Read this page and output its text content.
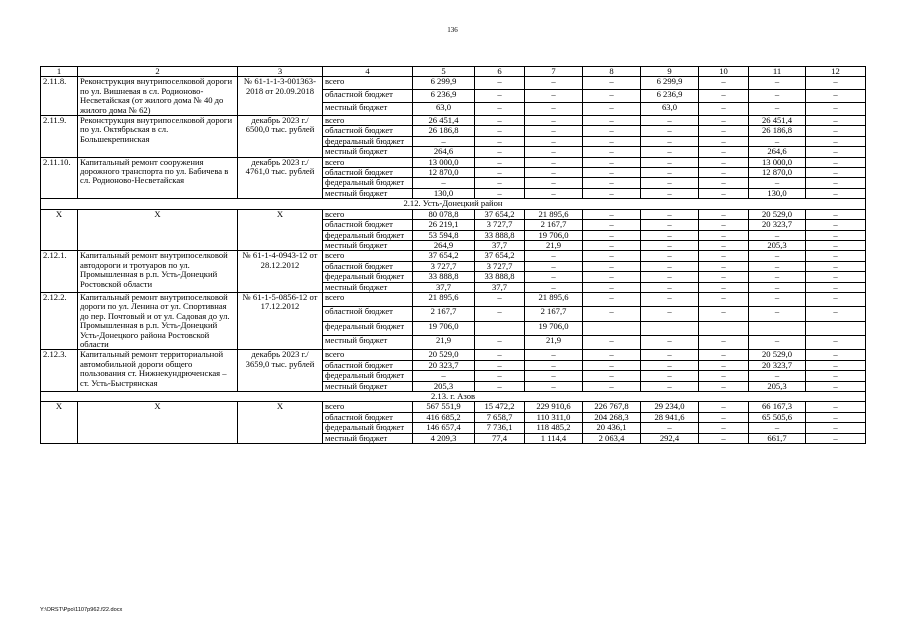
136
1	2	3	4	5	6	7	8	9	10	11	12
2.11.8.	Реконструкция внутрипоселковой дороги по ул. Вишневая в сл. Родионово-Несветайская (от жилого дома № 40 до жилого дома № 62)	№ 61-1-1-3-001363-2018 от 20.09.2018	всего	6 299,9	–	–	–	6 299,9	–	–	–
			областной бюджет	6 236,9	–	–	–	6 236,9	–	–	–
			местный бюджет	63,0	–	–	–	63,0	–	–	–
2.11.9.	Реконструкция внутрипоселковой дороги по ул. Октябрьская в сл. Большекрепинская	декабрь 2023 г./ 6500,0 тыс. рублей	всего	26 451,4	–	–	–	–	–	26 451,4	–
			областной бюджет	26 186,8	–	–	–	–	–	26 186,8	–
			федеральный бюджет	–	–	–	–	–	–	–	–
			местный бюджет	264,6	–	–	–	–	–	264,6	–
2.11.10.	Капитальный ремонт сооружения дорожного транспорта по ул. Бабичева в сл. Родионово-Несветайская	декабрь 2023 г./ 4761,0 тыс. рублей	всего	13 000,0	–	–	–	–	–	13 000,0	–
			областной бюджет	12 870,0	–	–	–	–	–	12 870,0	–
			федеральный бюджет	–	–	–	–	–	–	–	–
			местный бюджет	130,0	–	–	–	–	–	130,0	–
2.12. Усть-Донецкий район											
X	X	X	всего	80 078,8	37 654,2	21 895,6	–	–	–	20 529,0	–
			областной бюджет	26 219,1	3 727,7	2 167,7	–	–	–	20 323,7	–
			федеральный бюджет	53 594,8	33 888,8	19 706,0	–	–	–	–	–
			местный бюджет	264,9	37,7	21,9	–	–	–	205,3	–
2.12.1.	Капитальный ремонт внутрипоселковой автодороги и тротуаров по ул. Промышленная в р.п. Усть-Донецкий Ростовской области	№ 61-1-4-0943-12 от 28.12.2012	всего	37 654,2	37 654,2	–	–	–	–	–	–
			областной бюджет	3 727,7	3 727,7	–	–	–	–	–	–
			федеральный бюджет	33 888,8	33 888,8	–	–	–	–	–	–
			местный бюджет	37,7	37,7	–	–	–	–	–	–
2.12.2.	Капитальный ремонт внутрипоселковой дороги по ул. Ленина от ул. Спортивная до пер. Почтовый и от ул. Садовая до ул. Промышленная в р.п. Усть-Донецкий Усть-Донецкого района Ростовской области	№ 61-1-5-0856-12 от 17.12.2012	всего	21 895,6	–	21 895,6	–	–	–	–	–
			областной бюджет	2 167,7	–	2 167,7	–	–	–	–	–
			федеральный бюджет	19 706,0		19 706,0					
			местный бюджет	21,9	–	21,9	–	–	–	–	–
2.12.3.	Капитальный ремонт территориальной автомобильной дороги общего пользования ст. Нижнекундрюченская – ст. Усть-Быстрянская	декабрь 2023 г./ 3659,0 тыс. рублей	всего	20 529,0	–	–	–	–	–	20 529,0	–
			областной бюджет	20 323,7	–	–	–	–	–	20 323,7	–
			федеральный бюджет	–	–	–	–	–	–	–	–
			местный бюджет	205,3	–	–	–	–	–	205,3	–
2.13. г. Азов											
X	X	X	всего	567 551,9	15 472,2	229 910,6	226 767,8	29 234,0	–	66 167,3	–
			областной бюджет	416 685,2	7 658,7	110 311,0	204 268,3	28 941,6	–	65 505,6	–
			федеральный бюджет	146 657,4	7 736,1	118 485,2	20 436,1	–	–	–	–
			местный бюджет	4 209,3	77,4	1 114,4	2 063,4	292,4	–	661,7	–
Y:\ORST\Ppo\1107p962.f22.docx
